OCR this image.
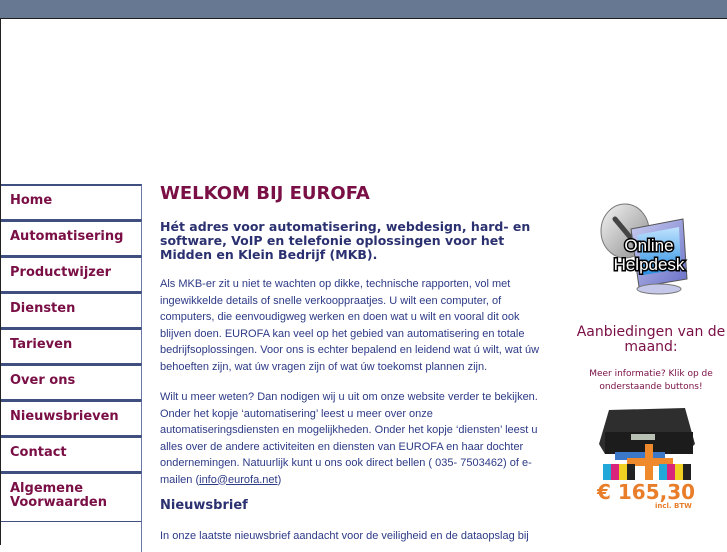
Home
Automatisering
Productwijzer
Diensten
Tarieven
Over ons
Nieuwsbrieven
Contact
Algemene Voorwaarden
WELKOM BIJ EUROFA

Hét adres voor automatisering, webdesign, hard- en software, VoIP en telefonie oplossingen voor het Midden en Klein Bedrijf (MKB).

Als MKB-er zit u niet te wachten op dikke, technische rapporten, vol met ingewikkelde details of snelle verkooppraatjes. U wilt een computer, of computers, die eenvoudigweg werken en doen wat u wilt en vooral dit ook blijven doen. EUROFA kan veel op het gebied van automatisering en totale bedrijfsoplossingen. Voor ons is echter bepalend en leidend wat ú wilt, wat úw behoeften zijn, wat úw vragen zijn of wat úw toekomst plannen zijn.

Wilt u meer weten? Dan nodigen wij u uit om onze website verder te bekijken. Onder het kopje ‘automatisering’ leest u meer over onze automatiseringsdiensten en mogelijkheden. Onder het kopje ‘diensten’ leest u alles over de andere activiteiten en diensten van EUROFA en haar dochter ondernemingen. Natuurlijk kunt u ons ook direct bellen ( 035- 7503462) of e-mailen (info@eurofa.net)

Nieuwsbrief

In onze laatste nieuwsbrief aandacht voor de veiligheid en de dataopslag bij

Online
Helpdesk
Aanbiedingen van de maand:
Meer informatie? Klik op de onderstaande buttons!
€ 165,30
incl. BTW
